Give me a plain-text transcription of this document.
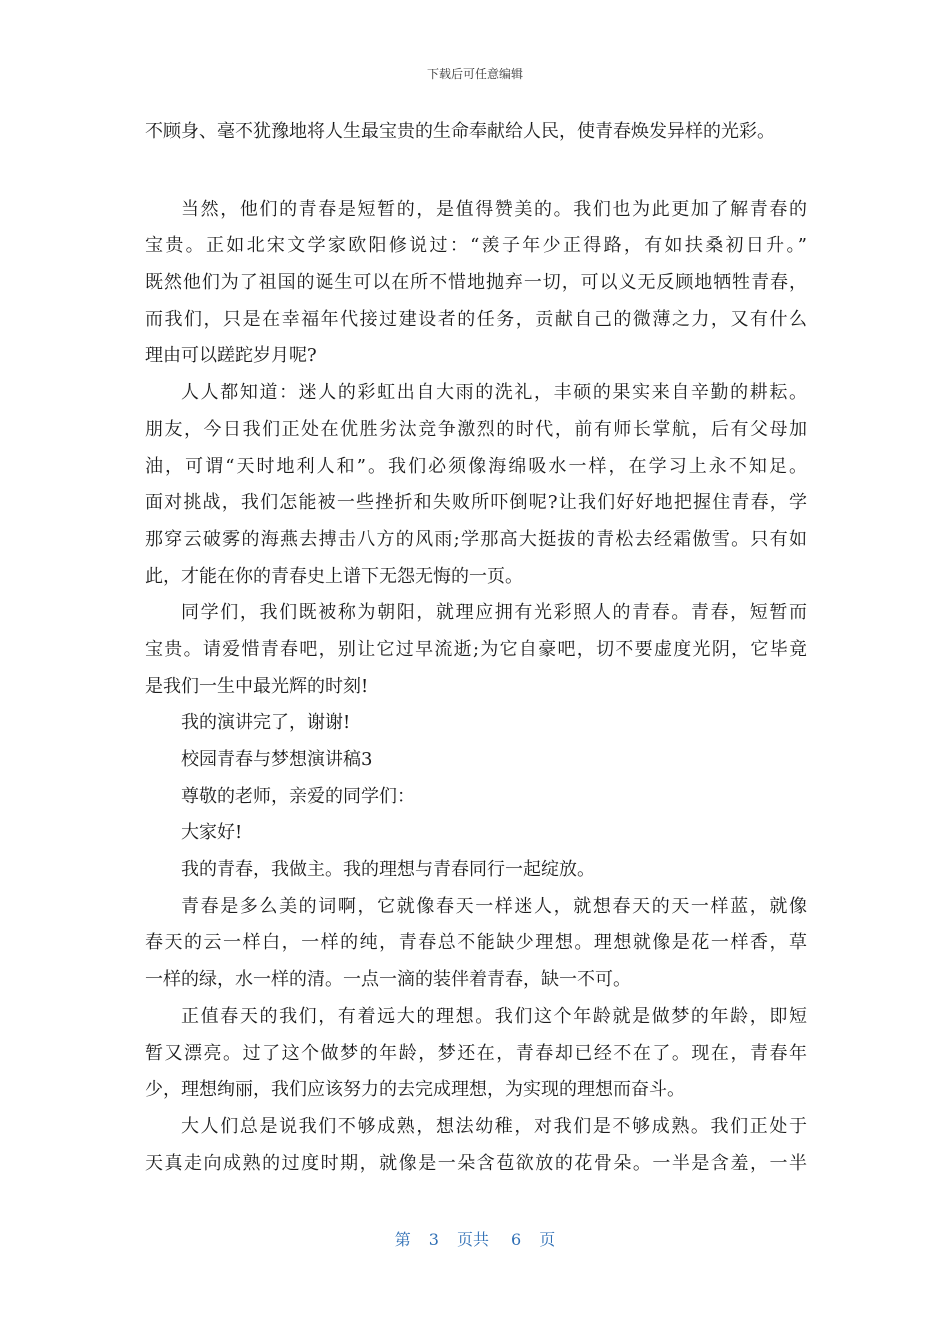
下载后可任意编辑
不顾身、毫不犹豫地将人生最宝贵的生命奉献给人民，使青春焕发异样的光彩。
当然，他们的青春是短暂的，是值得赞美的。我们也为此更加了解青春的
宝贵。正如北宋文学家欧阳修说过：“羡子年少正得路，有如扶桑初日升。”
既然他们为了祖国的诞生可以在所不惜地抛弃一切，可以义无反顾地牺牲青春，
而我们，只是在幸福年代接过建设者的任务，贡献自己的微薄之力，又有什么
理由可以蹉跎岁月呢?
人人都知道：迷人的彩虹出自大雨的洗礼，丰硕的果实来自辛勤的耕耘。
朋友，今日我们正处在优胜劣汰竞争激烈的时代，前有师长掌航，后有父母加
油，可谓“天时地利人和”。我们必须像海绵吸水一样，在学习上永不知足。
面对挑战，我们怎能被一些挫折和失败所吓倒呢?让我们好好地把握住青春，学
那穿云破雾的海燕去搏击八方的风雨;学那高大挺拔的青松去经霜傲雪。只有如
此，才能在你的青春史上谱下无怨无悔的一页。
同学们，我们既被称为朝阳，就理应拥有光彩照人的青春。青春，短暂而
宝贵。请爱惜青春吧，别让它过早流逝;为它自豪吧，切不要虚度光阴，它毕竟
是我们一生中最光辉的时刻!
我的演讲完了，谢谢!
校园青春与梦想演讲稿3
尊敬的老师，亲爱的同学们：
大家好!
我的青春，我做主。我的理想与青春同行一起绽放。
青春是多么美的词啊，它就像春天一样迷人，就想春天的天一样蓝，就像
春天的云一样白，一样的纯，青春总不能缺少理想。理想就像是花一样香，草
一样的绿，水一样的清。一点一滴的装伴着青春，缺一不可。
正值春天的我们，有着远大的理想。我们这个年龄就是做梦的年龄，即短
暂又漂亮。过了这个做梦的年龄，梦还在，青春却已经不在了。现在，青春年
少，理想绚丽，我们应该努力的去完成理想，为实现的理想而奋斗。
大人们总是说我们不够成熟，想法幼稚，对我们是不够成熟。我们正处于
天真走向成熟的过度时期，就像是一朵含苞欲放的花骨朵。一半是含羞，一半
第 3 页共 6 页
